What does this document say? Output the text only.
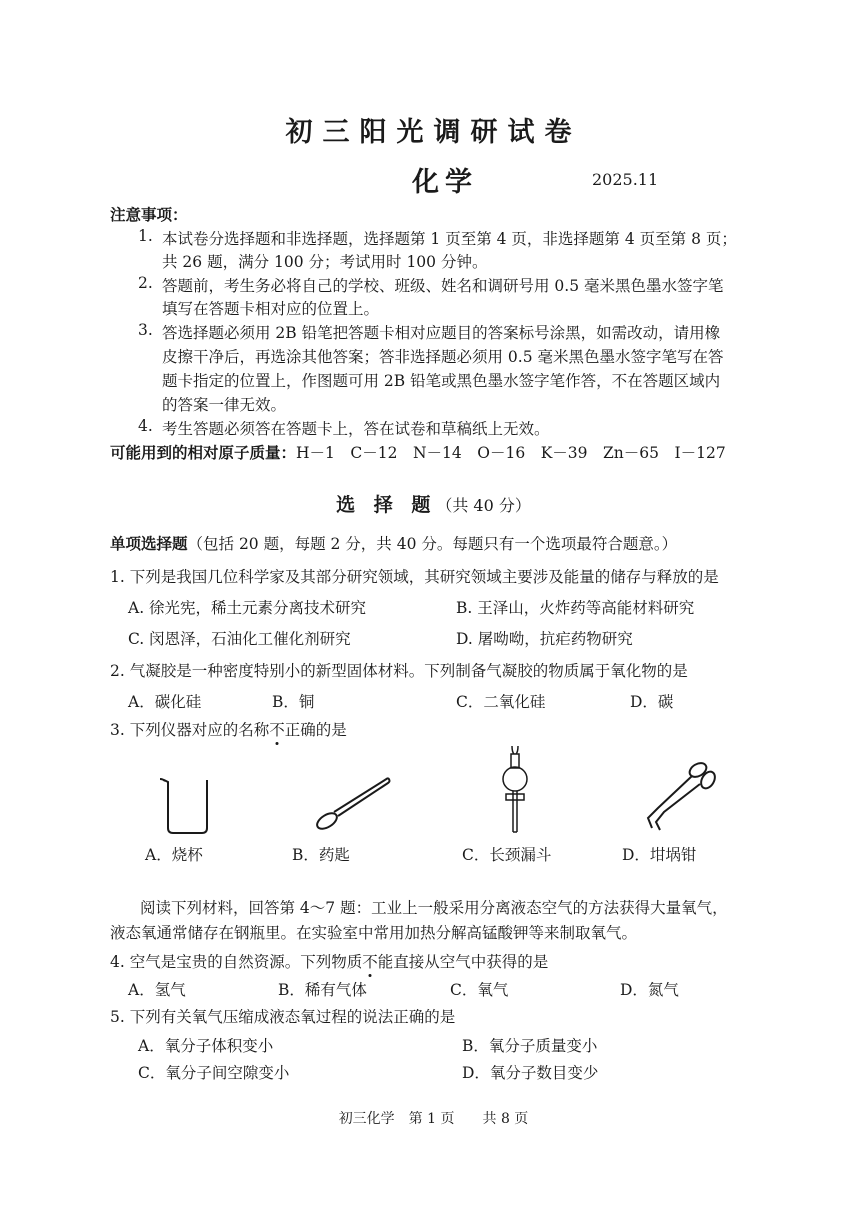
初三阳光调研试卷
化学	2025.11
注意事项：
1. 本试卷分选择题和非选择题，选择题第 1 页至第 4 页，非选择题第 4 页至第 8 页；
共 26 题，满分 100 分；考试用时 100 分钟。
2. 答题前，考生务必将自己的学校、班级、姓名和调研号用 0.5 毫米黑色墨水签字笔
填写在答题卡相对应的位置上。
3. 答选择题必须用 2B 铅笔把答题卡相对应题目的答案标号涂黑，如需改动，请用橡
皮擦干净后，再选涂其他答案；答非选择题必须用 0.5 毫米黑色墨水签字笔写在答
题卡指定的位置上，作图题可用 2B 铅笔或黑色墨水签字笔作答，不在答题区域内
的答案一律无效。
4. 考生答题必须答在答题卡上，答在试卷和草稿纸上无效。
可能用到的相对原子质量：H－1　C－12　N－14　O－16　K－39　Zn－65　I－127
选 择 题（共 40 分）
单项选择题（包括 20 题，每题 2 分，共 40 分。每题只有一个选项最符合题意。）
1. 下列是我国几位科学家及其部分研究领域，其研究领域主要涉及能量的储存与释放的是
A. 徐光宪，稀土元素分离技术研究	B. 王泽山，火炸药等高能材料研究
C. 闵恩泽，石油化工催化剂研究	D. 屠呦呦，抗疟药物研究
2. 气凝胶是一种密度特别小的新型固体材料。下列制备气凝胶的物质属于氧化物的是
A．碳化硅	B．铜	C．二氧化硅	D．碳
3. 下列仪器对应的名称不正确的是
A．烧杯	B．药匙	C．长颈漏斗	D．坩埚钳
阅读下列材料，回答第 4～7 题：工业上一般采用分离液态空气的方法获得大量氧气，
液态氧通常储存在钢瓶里。在实验室中常用加热分解高锰酸钾等来制取氧气。
4. 空气是宝贵的自然资源。下列物质不能直接从空气中获得的是
A．氢气	B．稀有气体	C．氧气	D．氮气
5. 下列有关氧气压缩成液态氧过程的说法正确的是
A．氧分子体积变小	B．氧分子质量变小
C．氧分子间空隙变小	D．氧分子数目变少
初三化学　第 1 页　　共 8 页
